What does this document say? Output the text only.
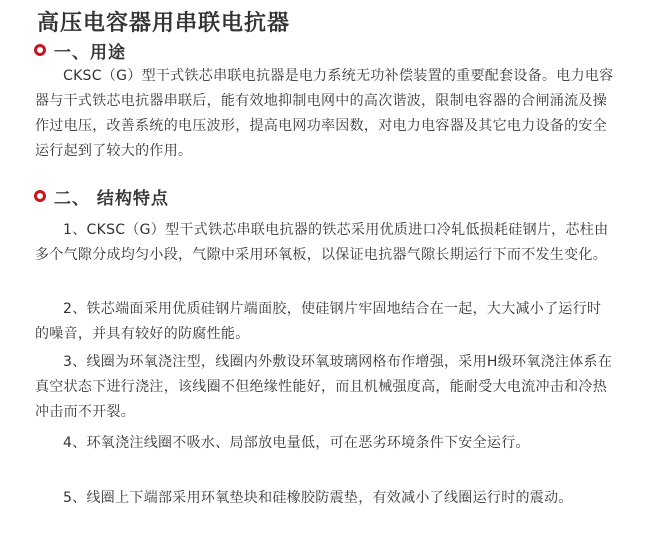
高压电容器用串联电抗器
一、用途

CKSC（G）型干式铁芯串联电抗器是电力系统无功补偿装置的重要配套设备。电力电容器与干式铁芯电抗器串联后，能有效地抑制电网中的高次谐波，限制电容器的合闸涌流及操作过电压，改善系统的电压波形，提高电网功率因数，对电力电容器及其它电力设备的安全运行起到了较大的作用。

二、 结构特点

1、CKSC（G）型干式铁芯串联电抗器的铁芯采用优质进口冷轧低损耗硅钢片，芯柱由多个气隙分成均匀小段，气隙中采用环氧板，以保证电抗器气隙长期运行下而不发生变化。

2、铁芯端面采用优质硅钢片端面胶，使硅钢片牢固地结合在一起，大大减小了运行时的噪音，并具有较好的防腐性能。

3、线圈为环氧浇注型，线圈内外敷设环氧玻璃网格布作增强，采用H级环氧浇注体系在真空状态下进行浇注，该线圈不但绝缘性能好，而且机械强度高，能耐受大电流冲击和冷热冲击而不开裂。

4、环氧浇注线圈不吸水、局部放电量低，可在恶劣环境条件下安全运行。

5、线圈上下端部采用环氧垫块和硅橡胶防震垫，有效减小了线圈运行时的震动。
